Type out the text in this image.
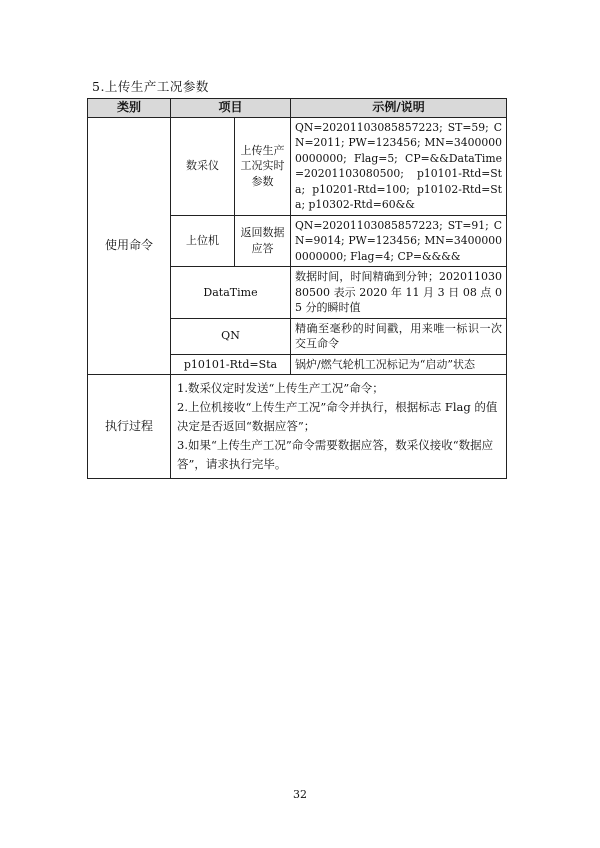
5.上传生产工况参数
类别	项目		示例/说明
使用命令	数采仪	上传生产工况实时参数	QN=20201103085857223; ST=59; CN=2011; PW=123456; MN=34000000000000; Flag=5; CP=&&DataTime=20201103080500; p10101-Rtd=Sta; p10201-Rtd=100; p10102-Rtd=Sta; p10302-Rtd=60&&
	上位机	返回数据应答	QN=20201103085857223; ST=91; CN=9014; PW=123456; MN=34000000000000; Flag=4; CP=&&&&
	DataTime		数据时间，时间精确到分钟；20201103080500 表示 2020 年 11 月 3 日 08 点 05 分的瞬时值
	QN		精确至毫秒的时间戳，用来唯一标识一次交互命令
	p10101-Rtd=Sta		锅炉/燃气轮机工况标记为“启动”状态
执行过程	1.数采仪定时发送“上传生产工况”命令；
2.上位机接收“上传生产工况”命令并执行，根据标志 Flag 的值决定是否返回“数据应答”；
3.如果“上传生产工况”命令需要数据应答，数采仪接收“数据应答”，请求执行完毕。		
32
